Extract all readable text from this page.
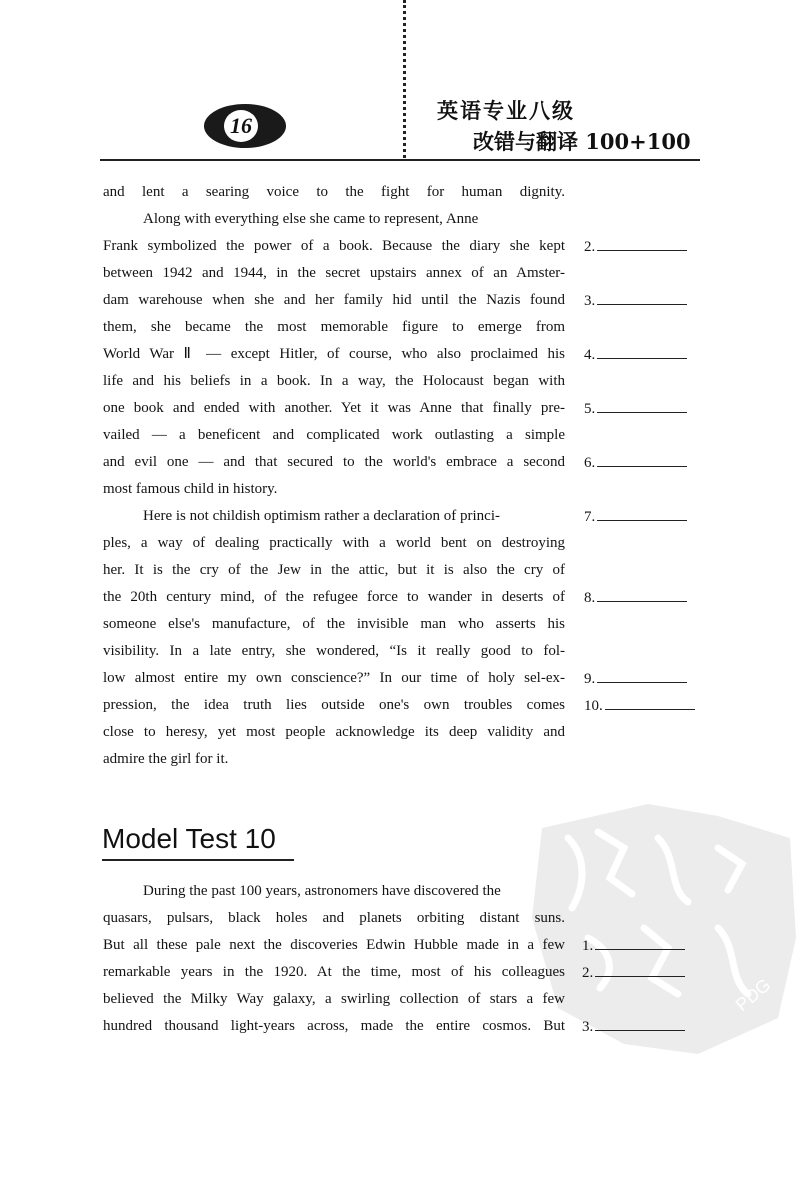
16
英语专业八级
改错与翻译 100+100
and lent a searing voice to the fight for human dignity.
Along with everything else she came to represent, Anne
Frank symbolized the power of a book. Because the diary she kept
between 1942 and 1944, in the secret upstairs annex of an Amster-
dam warehouse when she and her family hid until the Nazis found
them, she became the most memorable figure to emerge from
World War Ⅱ — except Hitler, of course, who also proclaimed his
life and his beliefs in a book. In a way, the Holocaust began with
one book and ended with another. Yet it was Anne that finally pre-
vailed — a beneficent and complicated work outlasting a simple
and evil one — and that secured to the world's embrace a second
most famous child in history.
Here is not childish optimism rather a declaration of princi-
ples, a way of dealing practically with a world bent on destroying
her. It is the cry of the Jew in the attic, but it is also the cry of
the 20th century mind, of the refugee force to wander in deserts of
someone else's manufacture, of the invisible man who asserts his
visibility. In a late entry, she wondered, “Is it really good to fol-
low almost entire my own conscience?” In our time of holy sel-ex-
pression, the idea truth lies outside one's own troubles comes
close to heresy, yet most people acknowledge its deep validity and
admire the girl for it.
2.
3.
4.
5.
6.
7.
8.
9.
10.
PDG
Model Test 10
During the past 100 years, astronomers have discovered the
quasars, pulsars, black holes and planets orbiting distant suns.
But all these pale next the discoveries Edwin Hubble made in a few
remarkable years in the 1920. At the time, most of his colleagues
believed the Milky Way galaxy, a swirling collection of stars a few
hundred thousand light-years across, made the entire cosmos. But
1.
2.
3.
